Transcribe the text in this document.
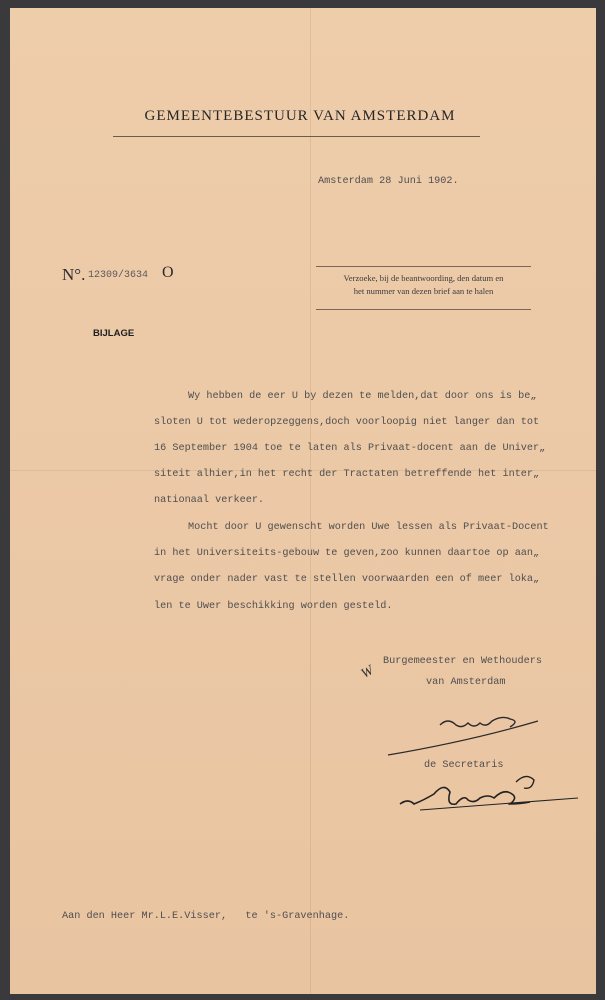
GEMEENTEBESTUUR VAN AMSTERDAM
Amsterdam 28 Juni 1902.
N°. 12309/3634 O	Verzoeke, bij de beantwoording, den datum en
het nummer van dezen brief aan te halen
BIJLAGE
Wy hebben de eer U by dezen te melden,dat door ons is be„
sloten U tot wederopzeggens,doch voorloopig niet langer dan tot
16 September 1904 toe te laten als Privaat-docent aan de Univer„
siteit alhier,in het recht der Tractaten betreffende het inter„
nationaal verkeer.
Mocht door U gewenscht worden Uwe lessen als Privaat-Docent
in het Universiteits-gebouw te geven,zoo kunnen daartoe op aan„
vrage onder nader vast te stellen voorwaarden een of meer loka„
len te Uwer beschikking worden gesteld.
W
Burgemeester en Wethouders
van Amsterdam
de Secretaris
Aan den Heer Mr.L.E.Visser,   te 's-Gravenhage.
